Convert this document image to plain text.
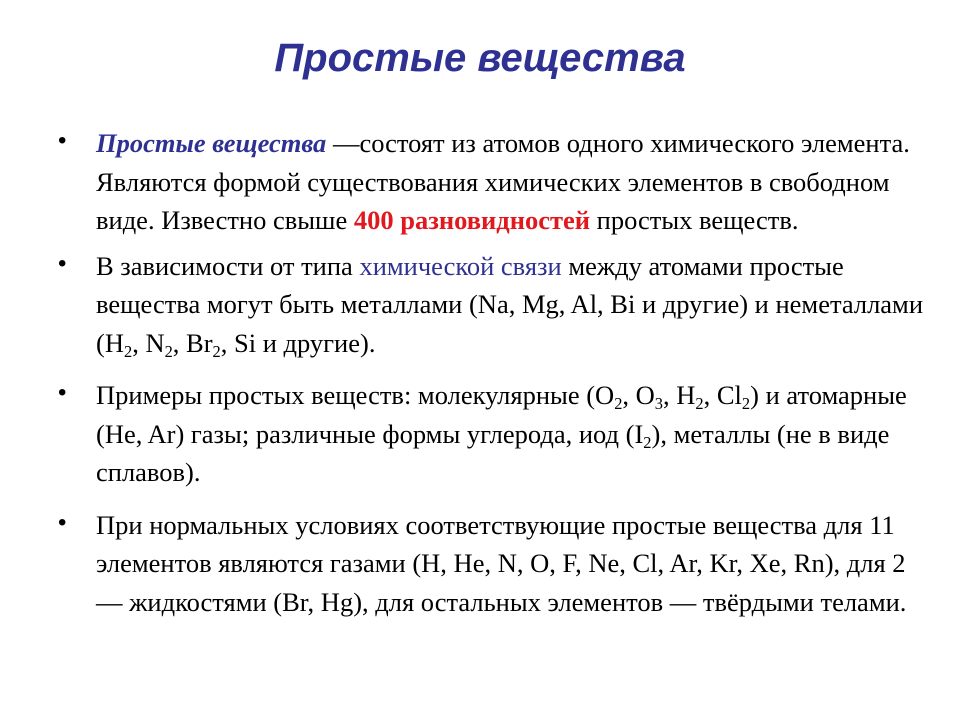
Простые вещества
• Простые вещества —состоят из атомов одного химического элемента. Являются формой существования химических элементов в свободном виде. Известно свыше 400 разновидностей простых веществ.
• В зависимости от типа химической связи между атомами простые вещества могут быть металлами (Na, Mg, Al, Bi и другие) и неметаллами ($H_2$, $N_2$, $Br_2$, Si и другие).
• Примеры простых веществ: молекулярные ($O_2$, $O_3$, $H_2$, $Cl_2$) и атомарные (He, Ar) газы; различные формы углерода, иод $(I_2)$, металлы (не в виде сплавов).
• При нормальных условиях соответствующие простые вещества для 11 элементов являются газами (H, He, N, O, F, Ne, Cl, Ar, Kr, Xe, Rn), для 2 — жидкостями (Br, Hg), для остальных элементов — твёрдыми телами.
